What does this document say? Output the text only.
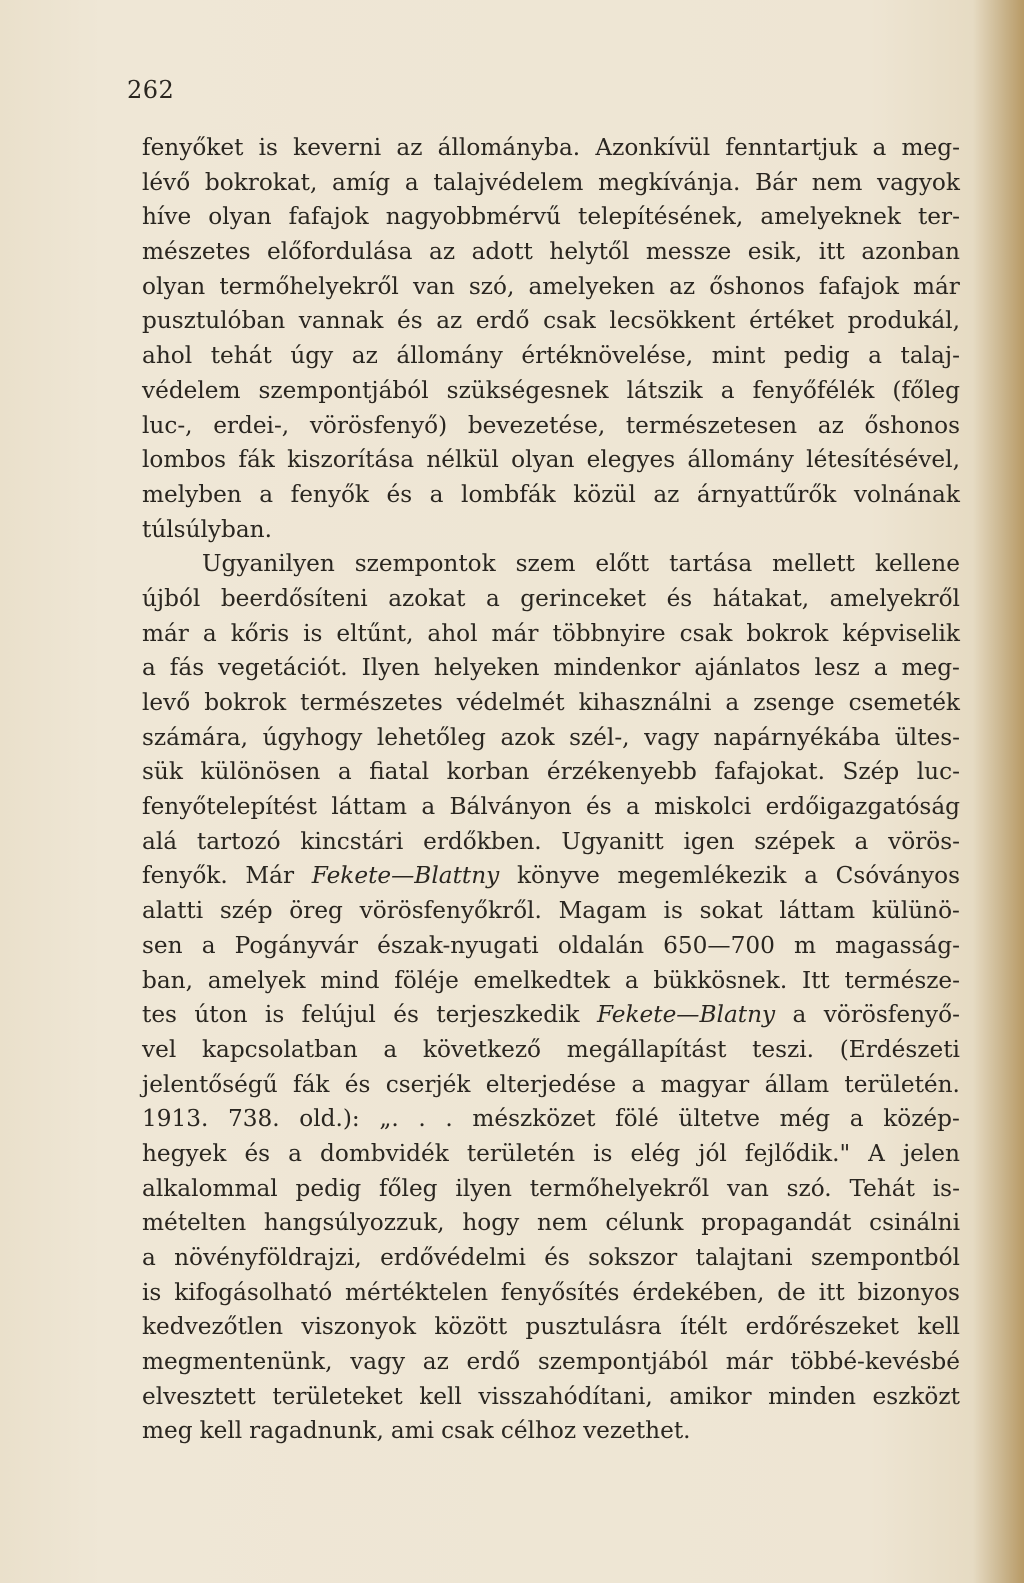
262
fenyőket is keverni az állományba. Azonkívül fenntartjuk a meg-
lévő bokrokat, amíg a talajvédelem megkívánja. Bár nem vagyok
híve olyan fafajok nagyobbmérvű telepítésének, amelyeknek ter-
mészetes előfordulása az adott helytől messze esik, itt azonban
olyan termőhelyekről van szó, amelyeken az őshonos fafajok már
pusztulóban vannak és az erdő csak lecsökkent értéket produkál,
ahol tehát úgy az állomány értéknövelése, mint pedig a talaj-
védelem szempontjából szükségesnek látszik a fenyőfélék (főleg
luc-, erdei-, vörösfenyő) bevezetése, természetesen az őshonos
lombos fák kiszorítása nélkül olyan elegyes állomány létesítésével,
melyben a fenyők és a lombfák közül az árnyattűrők volnának
túlsúlyban.
Ugyanilyen szempontok szem előtt tartása mellett kellene
újból beerdősíteni azokat a gerinceket és hátakat, amelyekről
már a kőris is eltűnt, ahol már többnyire csak bokrok képviselik
a fás vegetációt. Ilyen helyeken mindenkor ajánlatos lesz a meg-
levő bokrok természetes védelmét kihasználni a zsenge csemeték
számára, úgyhogy lehetőleg azok szél-, vagy napárnyékába ültes-
sük különösen a fiatal korban érzékenyebb fafajokat. Szép luc-
fenyőtelepítést láttam a Bálványon és a miskolci erdőigazgatóság
alá tartozó kincstári erdőkben. Ugyanitt igen szépek a vörös-
fenyők. Már Fekete—Blattny könyve megemlékezik a Csóványos
alatti szép öreg vörösfenyőkről. Magam is sokat láttam külünö-
sen a Pogányvár észak-nyugati oldalán 650—700 m magasság-
ban, amelyek mind föléje emelkedtek a bükkösnek. Itt természe-
tes úton is felújul és terjeszkedik Fekete—Blatny a vörösfenyő-
vel kapcsolatban a következő megállapítást teszi. (Erdészeti
jelentőségű fák és cserjék elterjedése a magyar állam területén.
1913. 738. old.): „. . . mészközet fölé ültetve még a közép-
hegyek és a dombvidék területén is elég jól fejlődik." A jelen
alkalommal pedig főleg ilyen termőhelyekről van szó. Tehát is-
mételten hangsúlyozzuk, hogy nem célunk propagandát csinálni
a növényföldrajzi, erdővédelmi és sokszor talajtani szempontból
is kifogásolható mértéktelen fenyősítés érdekében, de itt bizonyos
kedvezőtlen viszonyok között pusztulásra ítélt erdőrészeket kell
megmentenünk, vagy az erdő szempontjából már többé-kevésbé
elvesztett területeket kell visszahódítani, amikor minden eszközt
meg kell ragadnunk, ami csak célhoz vezethet.
